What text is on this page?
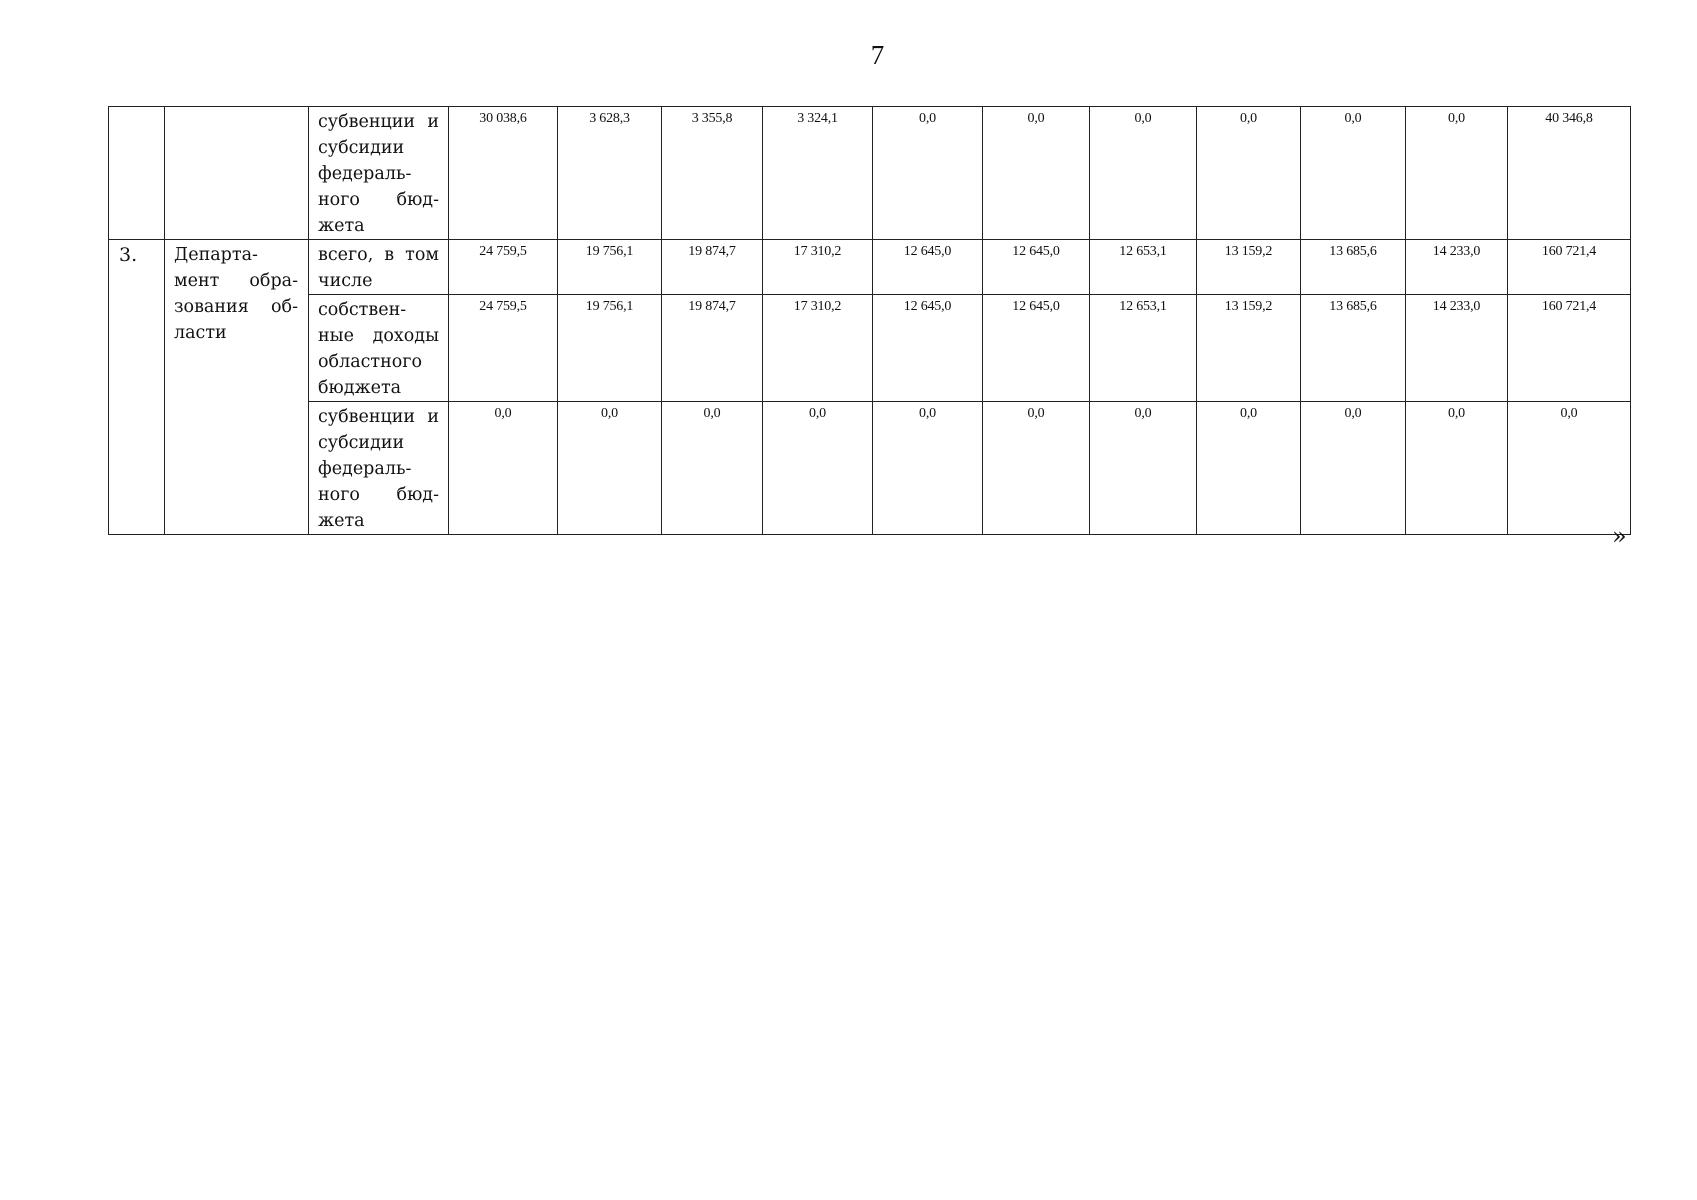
7

		субвенции и
субсидии
федераль-
ного бюд-
жета	30 038,6	3 628,3	3 355,8	3 324,1	0,0	0,0	0,0	0,0	0,0	0,0	40 346,8
3.	Департа-
мент обра-
зования об-
ласти	всего, в том
числе	24 759,5	19 756,1	19 874,7	17 310,2	12 645,0	12 645,0	12 653,1	13 159,2	13 685,6	14 233,0	160 721,4

		собствен-
ные доходы
областного
бюджета	24 759,5	19 756,1	19 874,7	17 310,2	12 645,0	12 645,0	12 653,1	13 159,2	13 685,6	14 233,0	160 721,4

		субвенции и
субсидии
федераль-
ного бюд-
жета	0,0	0,0	0,0	0,0	0,0	0,0	0,0	0,0	0,0	0,0	0,0
»
